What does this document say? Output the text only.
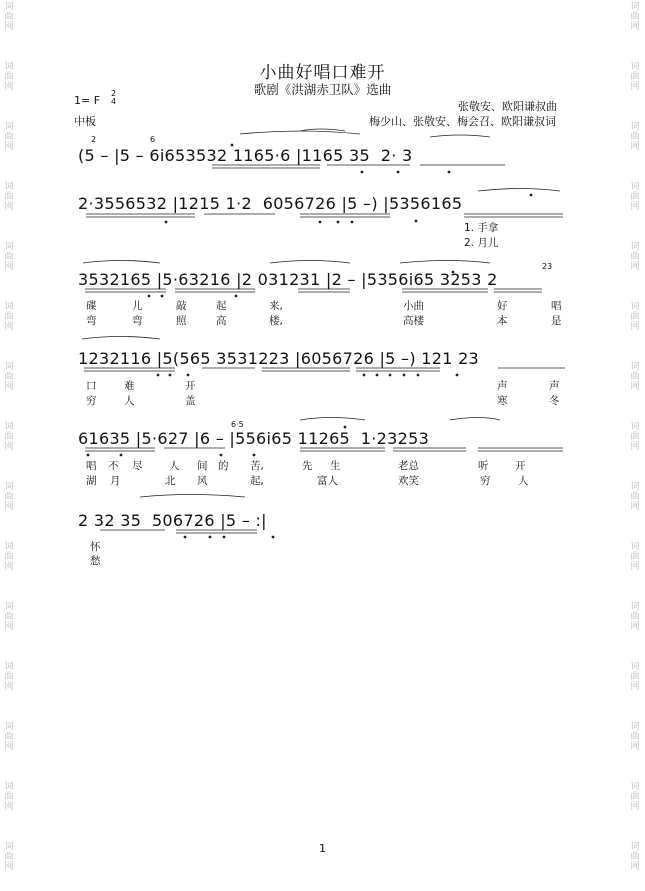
词
曲
网
词
曲
网
词
曲
网
词
曲
网
词
曲
网
词
曲
网
词
曲
网
词
曲
网
词
曲
网
词
曲
网
词
曲
网
词
曲
网
词
曲
网
词
曲
网
词
曲
网
词
曲
网
词
曲
网
词
曲
网
词
曲
网
词
曲
网
词
曲
网
词
曲
网
词
曲
网
词
曲
网
词
曲
网
词
曲
网
词
曲
网
词
曲
网
词
曲
网
词
曲
网
小曲好唱口难开
歌剧《洪湖赤卫队》选曲
1= F
2
4
中板
张敬安、欧阳谦叔曲
梅少山、张敬安、梅会召、欧阳谦叔词
(5 – |5 – 6i653532 1165·6 |1165 35  2· 3
2·3556532 |1215 1·2  6056726 |5 –) |5356165
3532165 |5·63216 |2 031231 |2 – |5356i65 3253 2
1232116 |5(565 3531223 |6056726 |5 –) 121 23
61635 |5·627 |6 – |556i65 11265  1·23253
2 32 35  506726 |5 – :|
2	6
23
6·5
1. 手拿
2. 月儿
碟	儿	敲	起	来,	小曲	好	唱
弯	弯	照	高	楼,	高楼	本	是
口	难	开	声	声
穷	人	盖	寒	冬
唱 不 尽	人 间 的 苦,	先 生	老总	听	开
湖 月	北 风	起,	富人	欢笑	穷	人
怀
愁
1
